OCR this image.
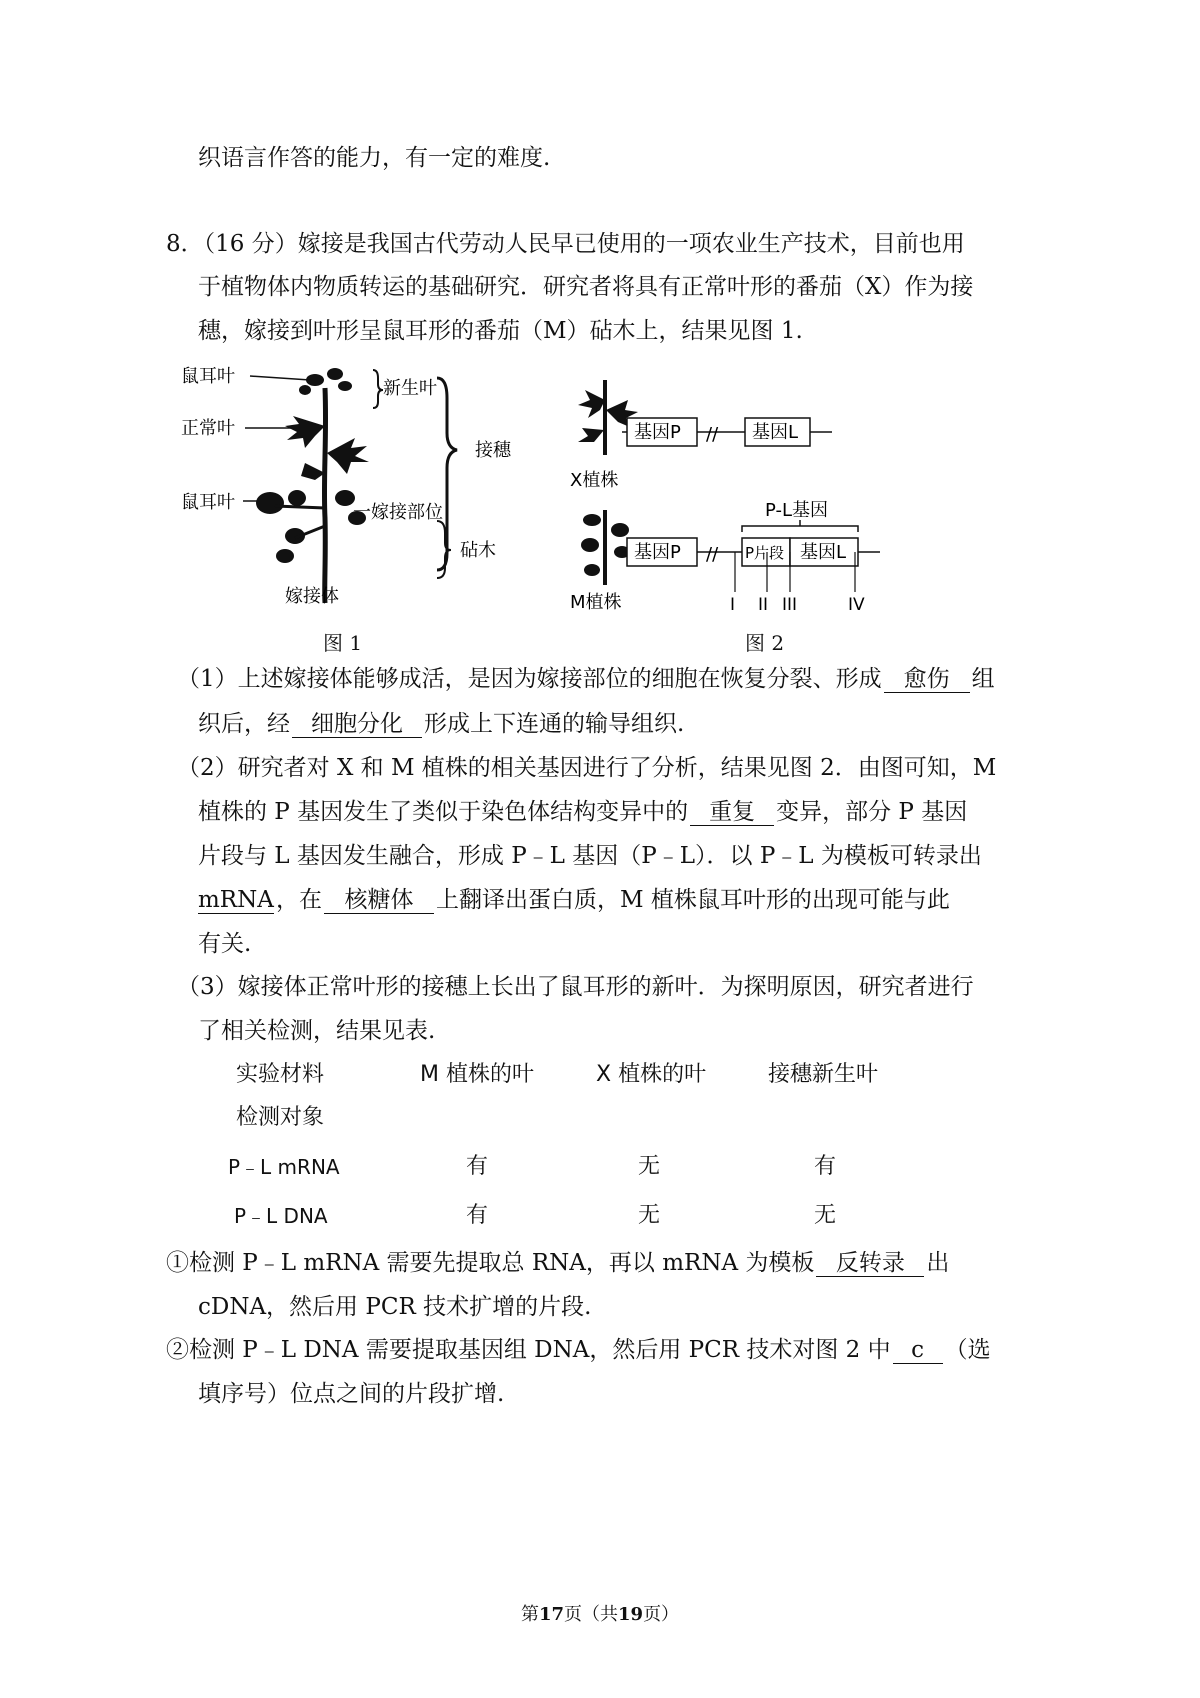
织语言作答的能力，有一定的难度.
8．（16 分）嫁接是我国古代劳动人民早已使用的一项农业生产技术，目前也用
于植物体内物质转运的基础研究．研究者将具有正常叶形的番茄（X）作为接
穗，嫁接到叶形呈鼠耳形的番茄（M）砧木上，结果见图 1.
鼠耳叶
正常叶
鼠耳叶
新生叶
接穗
一嫁接部位
砧木
嫁接体
X植株
基因P // 基因L
M植株
基因P // P片段 基因L
P-L基因
I II III	IV
图 1	图 2
（1）上述嫁接体能够成活，是因为嫁接部位的细胞在恢复分裂、形成 愈伤 组
织后，经 细胞分化 形成上下连通的输导组织.
（2）研究者对 X 和 M 植株的相关基因进行了分析，结果见图 2．由图可知，M
植株的 P 基因发生了类似于染色体结构变异中的 重复 变异，部分 P 基因
片段与 L 基因发生融合，形成 P﹣L 基因（P﹣L）．以 P﹣L 为模板可转录出
mRNA，在 核糖体 上翻译出蛋白质，M 植株鼠耳叶形的出现可能与此
有关.
（3）嫁接体正常叶形的接穗上长出了鼠耳形的新叶．为探明原因，研究者进行
了相关检测，结果见表.
实验材料	M 植株的叶	X 植株的叶	接穗新生叶
检测对象
P﹣L mRNA	有	无	有
P﹣L DNA	有	无	无
①检测 P﹣L mRNA 需要先提取总 RNA，再以 mRNA 为模板 反转录 出
cDNA，然后用 PCR 技术扩增的片段.
②检测 P﹣L DNA 需要提取基因组 DNA，然后用 PCR 技术对图 2 中 c （选
填序号）位点之间的片段扩增.
第17页（共19页）
